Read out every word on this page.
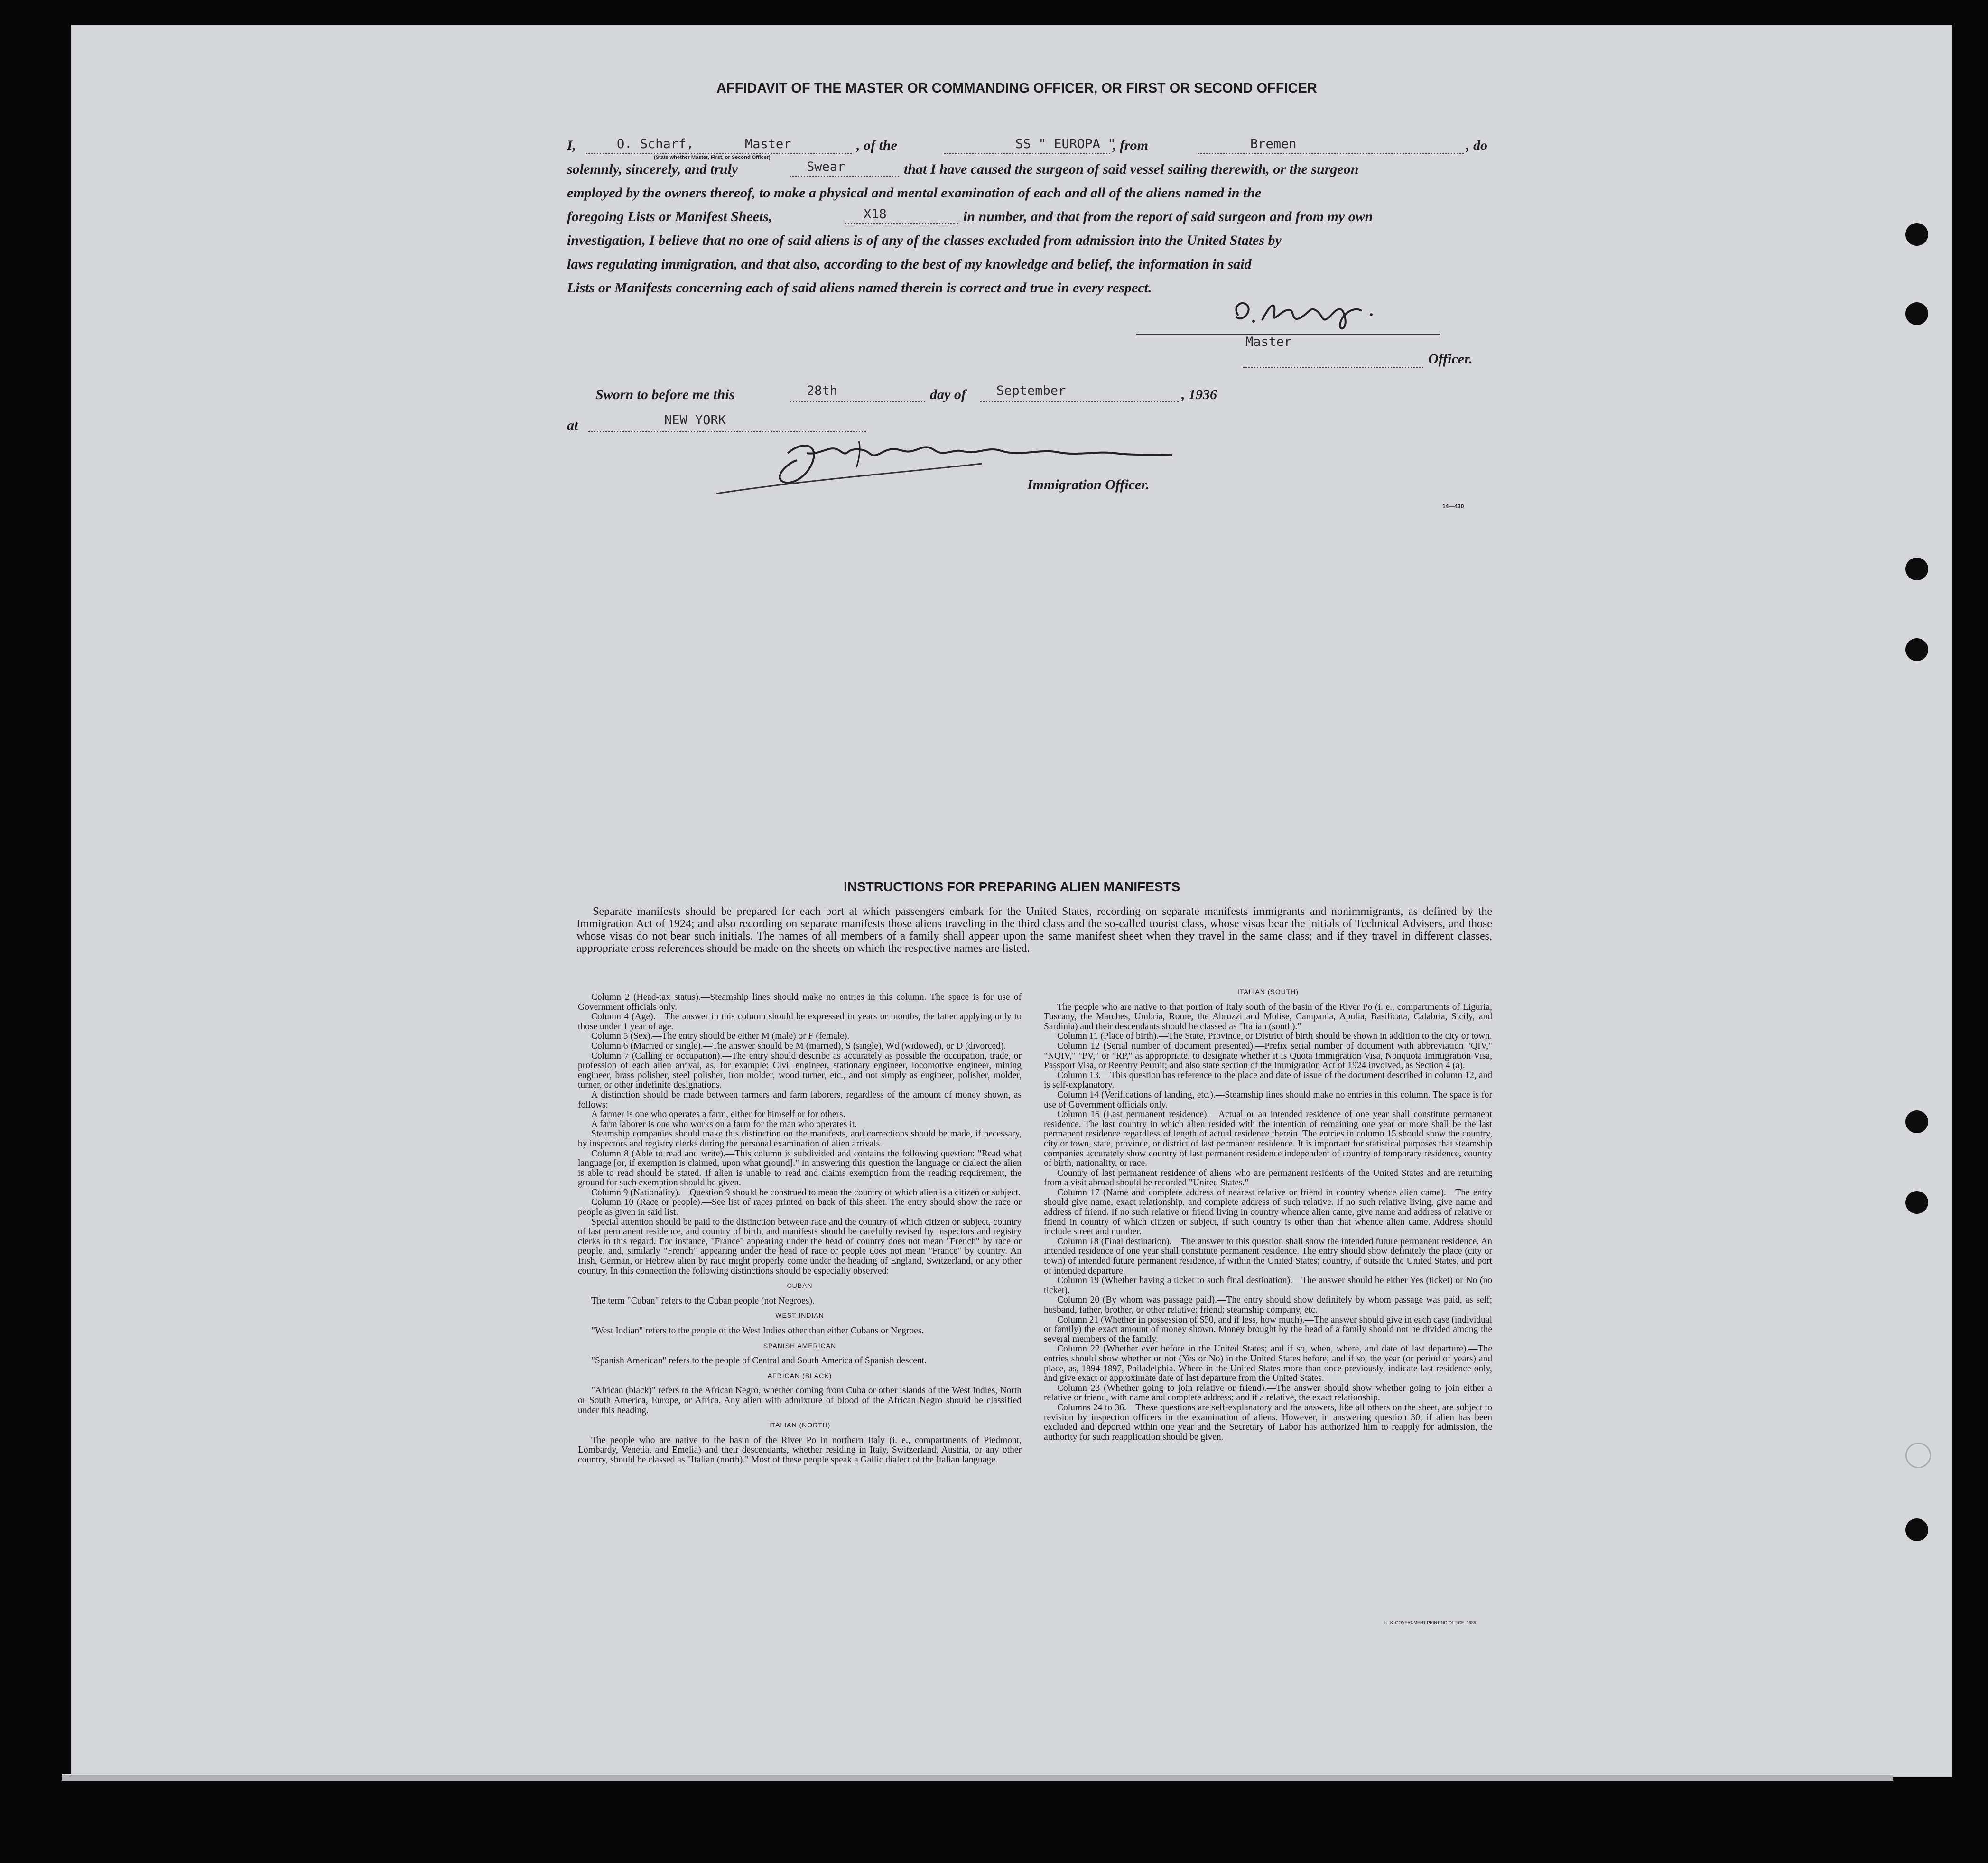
AFFIDAVIT OF THE MASTER OR COMMANDING OFFICER, OR FIRST OR SECOND OFFICER
I,	O. Scharf,	Master
(State whether Master, First, or Second Officer)
, of the	SS " EUROPA "
, from	Bremen	, do
solemnly, sincerely, and truly	Swear	that I have caused the surgeon of said vessel sailing therewith, or the surgeon
employed by the owners thereof, to make a physical and mental examination of each and all of the aliens named in the
foregoing Lists or Manifest Sheets,	X18	in number, and that from the report of said surgeon and from my own
investigation, I believe that no one of said aliens is of any of the classes excluded from admission into the United States by
laws regulating immigration, and that also, according to the best of my knowledge and belief, the information in said
Lists or Manifests concerning each of said aliens named therein is correct and true in every respect.
Master
Officer.
Sworn to before me this	28th	day of September	, 1936
at	NEW YORK
Immigration Officer.
14—430
INSTRUCTIONS FOR PREPARING ALIEN MANIFESTS
Separate manifests should be prepared for each port at which passengers embark for the United States, recording on separate manifests immigrants and nonimmigrants, as defined by the Immigration Act of 1924; and also recording on separate manifests those aliens traveling in the third class and the so-called tourist class, whose visas bear the initials of Technical Advisers, and those whose visas do not bear such initials. The names of all members of a family shall appear upon the same manifest sheet when they travel in the same class; and if they travel in different classes, appropriate cross references should be made on the sheets on which the respective names are listed.

Column 2 (Head-tax status).—Steamship lines should make no entries in this column. The space is for use of Government officials only.

Column 4 (Age).—The answer in this column should be expressed in years or months, the latter applying only to those under 1 year of age.

Column 5 (Sex).—The entry should be either M (male) or F (female).

Column 6 (Married or single).—The answer should be M (married), S (single), Wd (widowed), or D (divorced).

Column 7 (Calling or occupation).—The entry should describe as accurately as possible the occupation, trade, or profession of each alien arrival, as, for example: Civil engineer, stationary engineer, locomotive engineer, mining engineer, brass polisher, steel polisher, iron molder, wood turner, etc., and not simply as engineer, polisher, molder, turner, or other indefinite designations.

A distinction should be made between farmers and farm laborers, regardless of the amount of money shown, as follows:

A farmer is one who operates a farm, either for himself or for others.

A farm laborer is one who works on a farm for the man who operates it.

Steamship companies should make this distinction on the manifests, and corrections should be made, if necessary, by inspectors and registry clerks during the personal examination of alien arrivals.

Column 8 (Able to read and write).—This column is subdivided and contains the following question: "Read what language [or, if exemption is claimed, upon what ground]." In answering this question the language or dialect the alien is able to read should be stated. If alien is unable to read and claims exemption from the reading requirement, the ground for such exemption should be given.

Column 9 (Nationality).—Question 9 should be construed to mean the country of which alien is a citizen or subject.

Column 10 (Race or people).—See list of races printed on back of this sheet. The entry should show the race or people as given in said list.

Special attention should be paid to the distinction between race and the country of which citizen or subject, country of last permanent residence, and country of birth, and manifests should be carefully revised by inspectors and registry clerks in this regard. For instance, "France" appearing under the head of country does not mean "French" by race or people, and, similarly "French" appearing under the head of race or people does not mean "France" by country. An Irish, German, or Hebrew alien by race might properly come under the heading of England, Switzerland, or any other country. In this connection the following distinctions should be especially observed:

CUBAN

The term "Cuban" refers to the Cuban people (not Negroes).

WEST INDIAN

"West Indian" refers to the people of the West Indies other than either Cubans or Negroes.

SPANISH AMERICAN

"Spanish American" refers to the people of Central and South America of Spanish descent.

AFRICAN (BLACK)

"African (black)" refers to the African Negro, whether coming from Cuba or other islands of the West Indies, North or South America, Europe, or Africa. Any alien with admixture of blood of the African Negro should be classified under this heading.

ITALIAN (NORTH)

The people who are native to the basin of the River Po in northern Italy (i. e., compartments of Piedmont, Lombardy, Venetia, and Emelia) and their descendants, whether residing in Italy, Switzerland, Austria, or any other country, should be classed as "Italian (north)." Most of these people speak a Gallic dialect of the Italian language.

ITALIAN (SOUTH)

The people who are native to that portion of Italy south of the basin of the River Po (i. e., compartments of Liguria, Tuscany, the Marches, Umbria, Rome, the Abruzzi and Molise, Campania, Apulia, Basilicata, Calabria, Sicily, and Sardinia) and their descendants should be classed as "Italian (south)."

Column 11 (Place of birth).—The State, Province, or District of birth should be shown in addition to the city or town.

Column 12 (Serial number of document presented).—Prefix serial number of document with abbreviation "QIV," "NQIV," "PV," or "RP," as appropriate, to designate whether it is Quota Immigration Visa, Nonquota Immigration Visa, Passport Visa, or Reentry Permit; and also state section of the Immigration Act of 1924 involved, as Section 4 (a).

Column 13.—This question has reference to the place and date of issue of the document described in column 12, and is self-explanatory.

Column 14 (Verifications of landing, etc.).—Steamship lines should make no entries in this column. The space is for use of Government officials only.

Column 15 (Last permanent residence).—Actual or an intended residence of one year shall constitute permanent residence. The last country in which alien resided with the intention of remaining one year or more shall be the last permanent residence regardless of length of actual residence therein. The entries in column 15 should show the country, city or town, state, province, or district of last permanent residence. It is important for statistical purposes that steamship companies accurately show country of last permanent residence independent of country of temporary residence, country of birth, nationality, or race.

Country of last permanent residence of aliens who are permanent residents of the United States and are returning from a visit abroad should be recorded "United States."

Column 17 (Name and complete address of nearest relative or friend in country whence alien came).—The entry should give name, exact relationship, and complete address of such relative. If no such relative living, give name and address of friend. If no such relative or friend living in country whence alien came, give name and address of relative or friend in country of which citizen or subject, if such country is other than that whence alien came. Address should include street and number.

Column 18 (Final destination).—The answer to this question shall show the intended future permanent residence. An intended residence of one year shall constitute permanent residence. The entry should show definitely the place (city or town) of intended future permanent residence, if within the United States; country, if outside the United States, and port of intended departure.

Column 19 (Whether having a ticket to such final destination).—The answer should be either Yes (ticket) or No (no ticket).

Column 20 (By whom was passage paid).—The entry should show definitely by whom passage was paid, as self; husband, father, brother, or other relative; friend; steamship company, etc.

Column 21 (Whether in possession of $50, and if less, how much).—The answer should give in each case (individual or family) the exact amount of money shown. Money brought by the head of a family should not be divided among the several members of the family.

Column 22 (Whether ever before in the United States; and if so, when, where, and date of last departure).—The entries should show whether or not (Yes or No) in the United States before; and if so, the year (or period of years) and place, as, 1894-1897, Philadelphia. Where in the United States more than once previously, indicate last residence only, and give exact or approximate date of last departure from the United States.

Column 23 (Whether going to join relative or friend).—The answer should show whether going to join either a relative or friend, with name and complete address; and if a relative, the exact relationship.

Columns 24 to 36.—These questions are self-explanatory and the answers, like all others on the sheet, are subject to revision by inspection officers in the examination of aliens. However, in answering question 30, if alien has been excluded and deported within one year and the Secretary of Labor has authorized him to reapply for admission, the authority for such reapplication should be given.

U. S. GOVERNMENT PRINTING OFFICE: 1936
